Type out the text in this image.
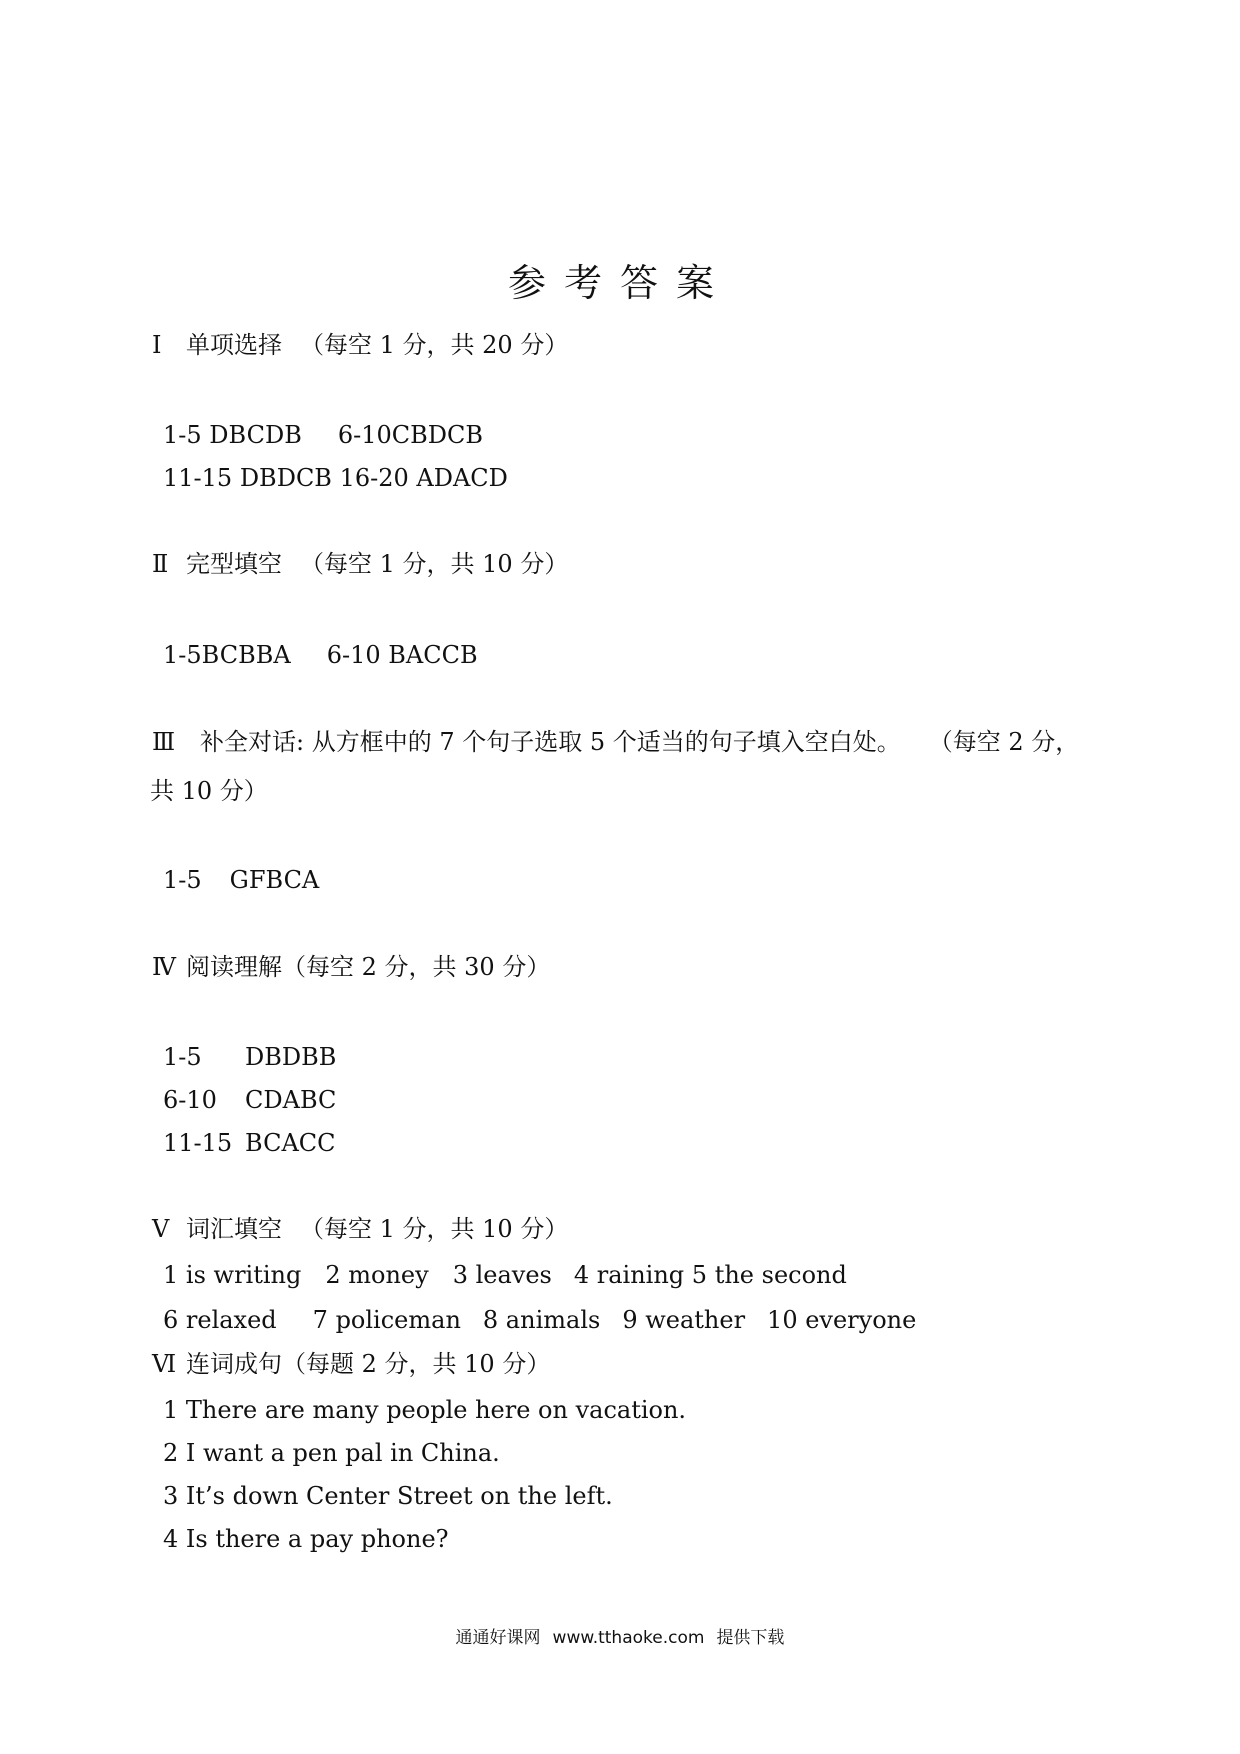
参考答案
Ⅰ 单项选择 （每空 1 分，共 20 分）
1-5 DBCDB 6-10CBDCB
11-15 DBDCB 16-20 ADACD
Ⅱ 完型填空 （每空 1 分，共 10 分）
1-5BCBBA 6-10 BACCB
Ⅲ 补全对话: 从方框中的 7 个句子选取 5 个适当的句子填入空白处。 （每空 2 分，
共 10 分）
1-5 GFBCA
Ⅳ 阅读理解（每空 2 分，共 30 分）
1-5 DBDBB
6-10 CDABC
11-15 BCACC
Ⅴ 词汇填空 （每空 1 分，共 10 分）
1 is writing 2 money 3 leaves 4 raining 5 the second
6 relaxed 7 policeman 8 animals 9 weather 10 everyone
Ⅵ 连词成句（每题 2 分，共 10 分）
1 There are many people here on vacation.
2 I want a pen pal in China.
3 It’s down Center Street on the left.
4 Is there a pay phone?
通通好课网 www.tthaoke.com 提供下载
